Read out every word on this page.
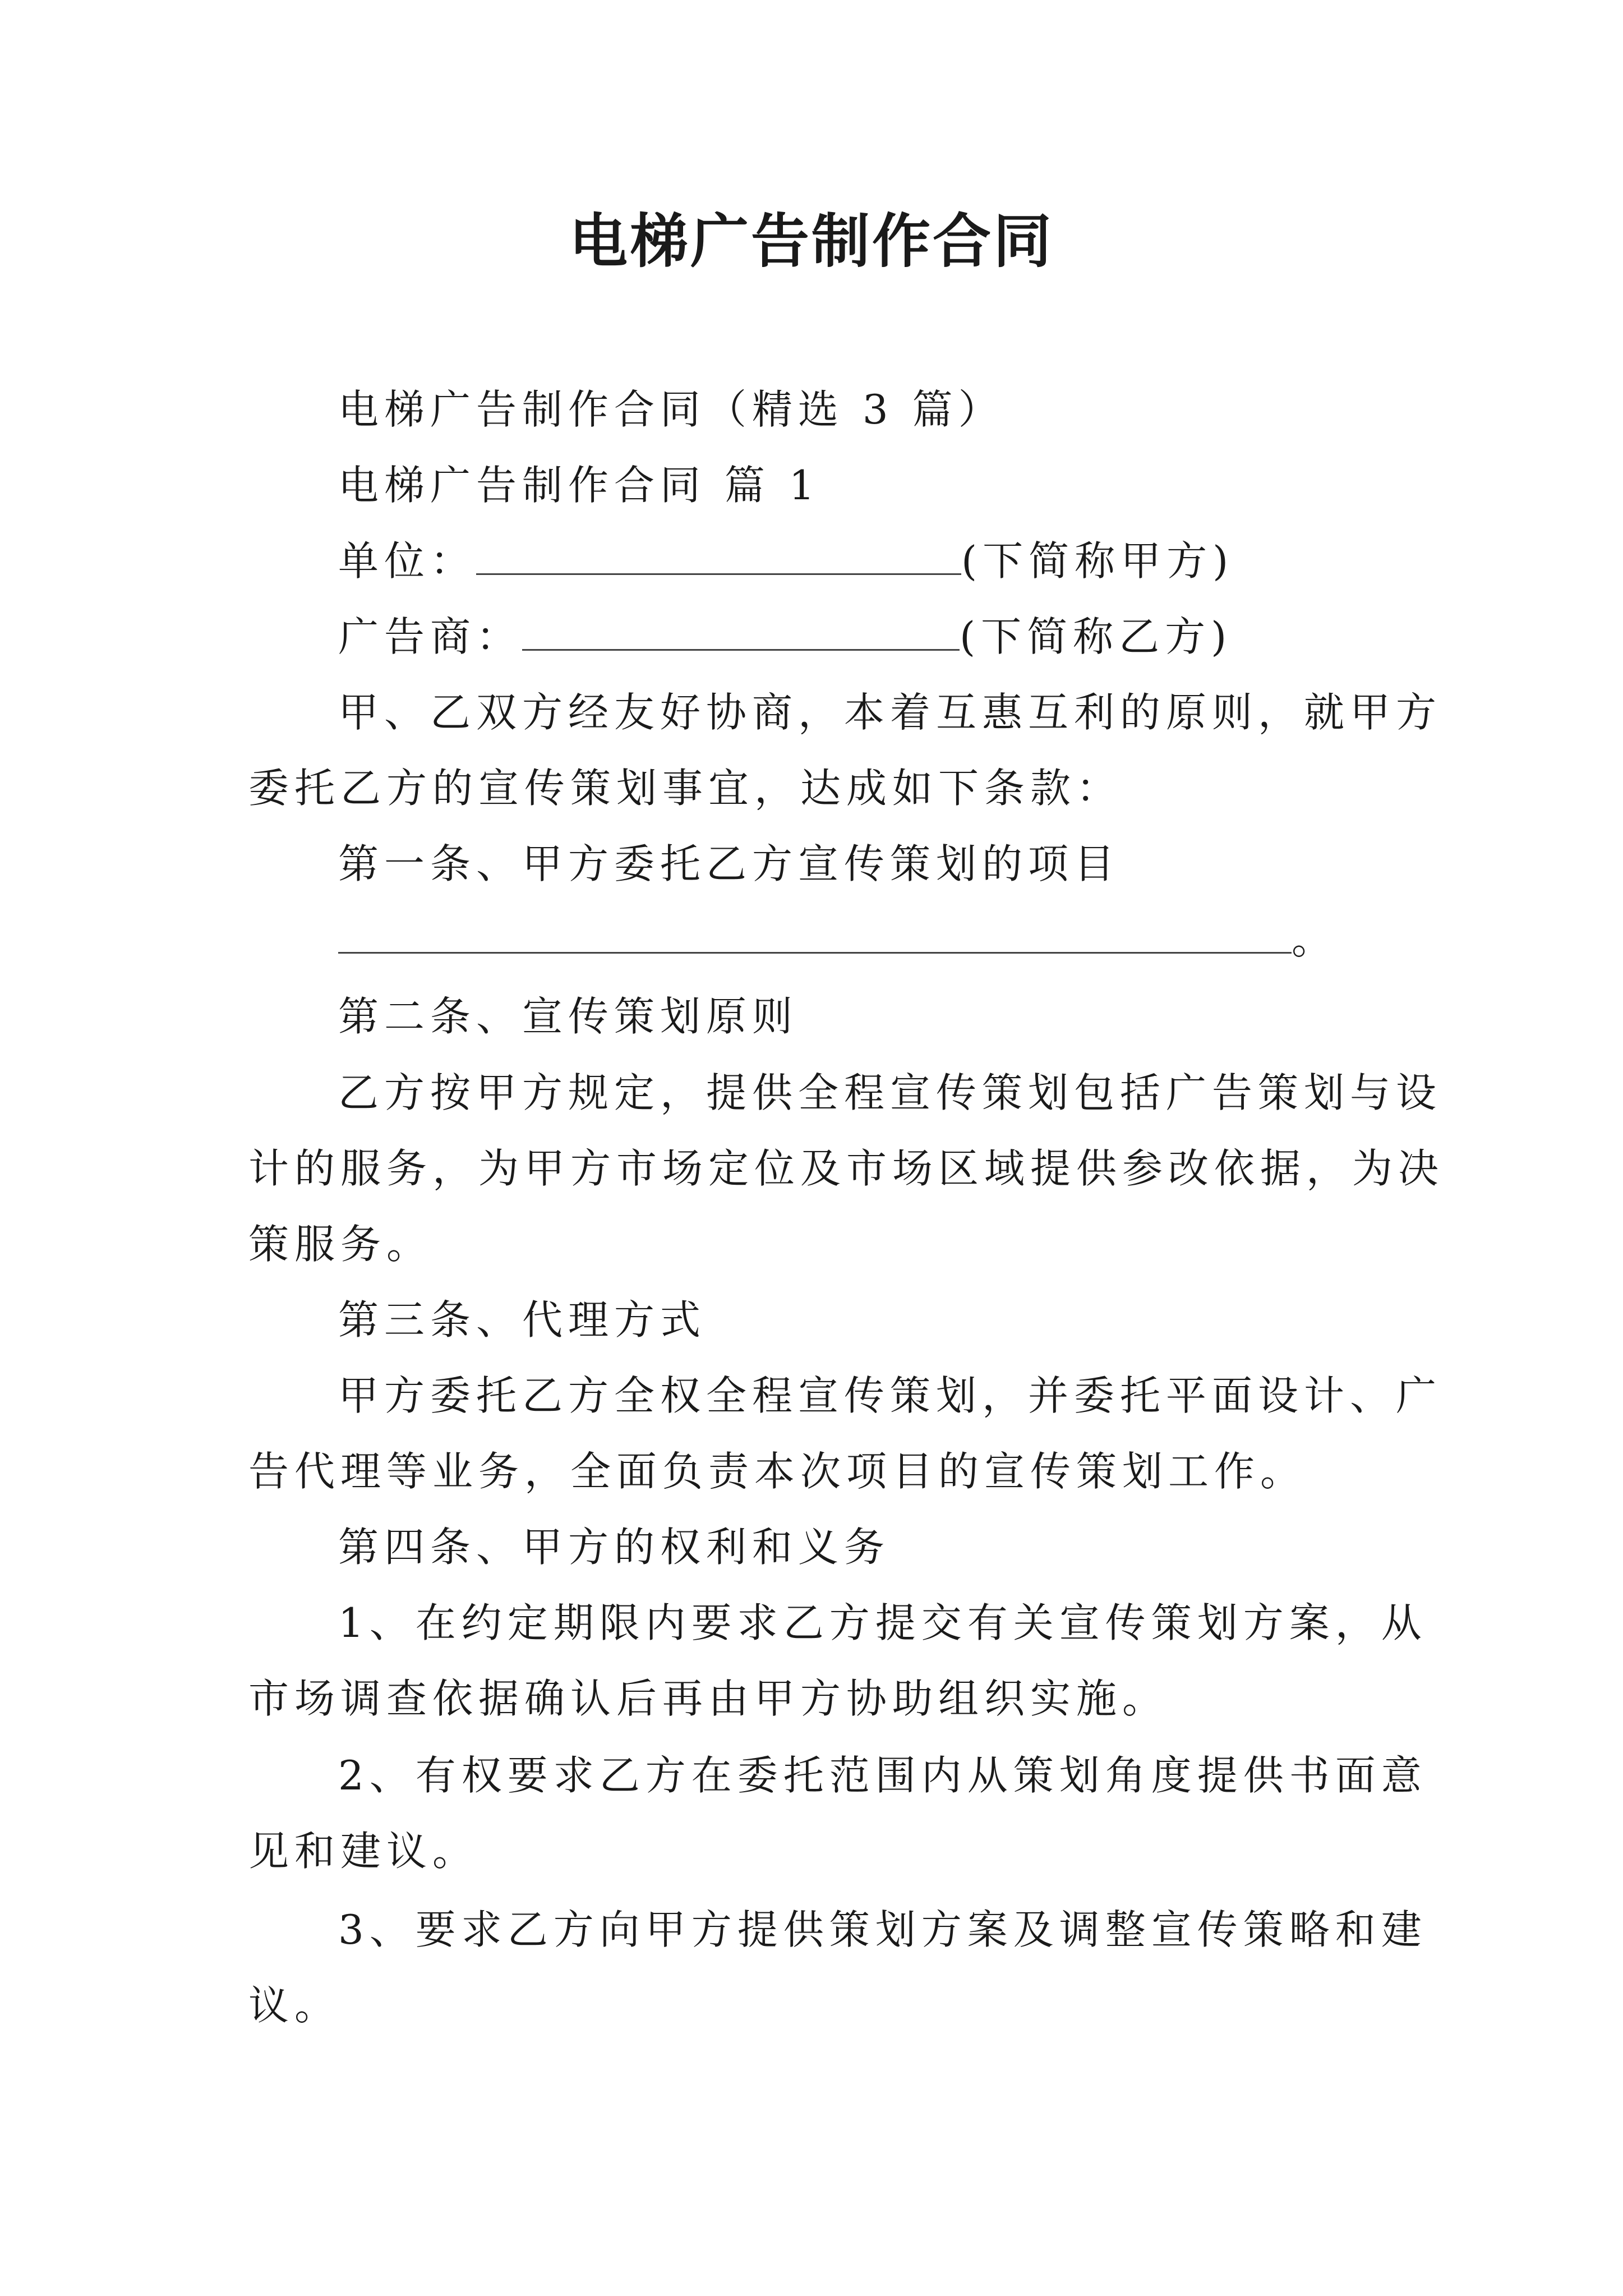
电梯广告制作合同

电梯广告制作合同（精选 3 篇）

电梯广告制作合同 篇 1

单位：	(下简称甲方)

广告商：	(下简称乙方)

甲、乙双方经友好协商，本着互惠互利的原则，就甲方

委托乙方的宣传策划事宜，达成如下条款：

第一条、甲方委托乙方宣传策划的项目

。

第二条、宣传策划原则

乙方按甲方规定，提供全程宣传策划包括广告策划与设

计的服务，为甲方市场定位及市场区域提供参改依据，为决

策服务。

第三条、代理方式

甲方委托乙方全权全程宣传策划，并委托平面设计、广

告代理等业务，全面负责本次项目的宣传策划工作。

第四条、甲方的权利和义务

1、在约定期限内要求乙方提交有关宣传策划方案，从

市场调查依据确认后再由甲方协助组织实施。

2、有权要求乙方在委托范围内从策划角度提供书面意

见和建议。

3、要求乙方向甲方提供策划方案及调整宣传策略和建

议。
